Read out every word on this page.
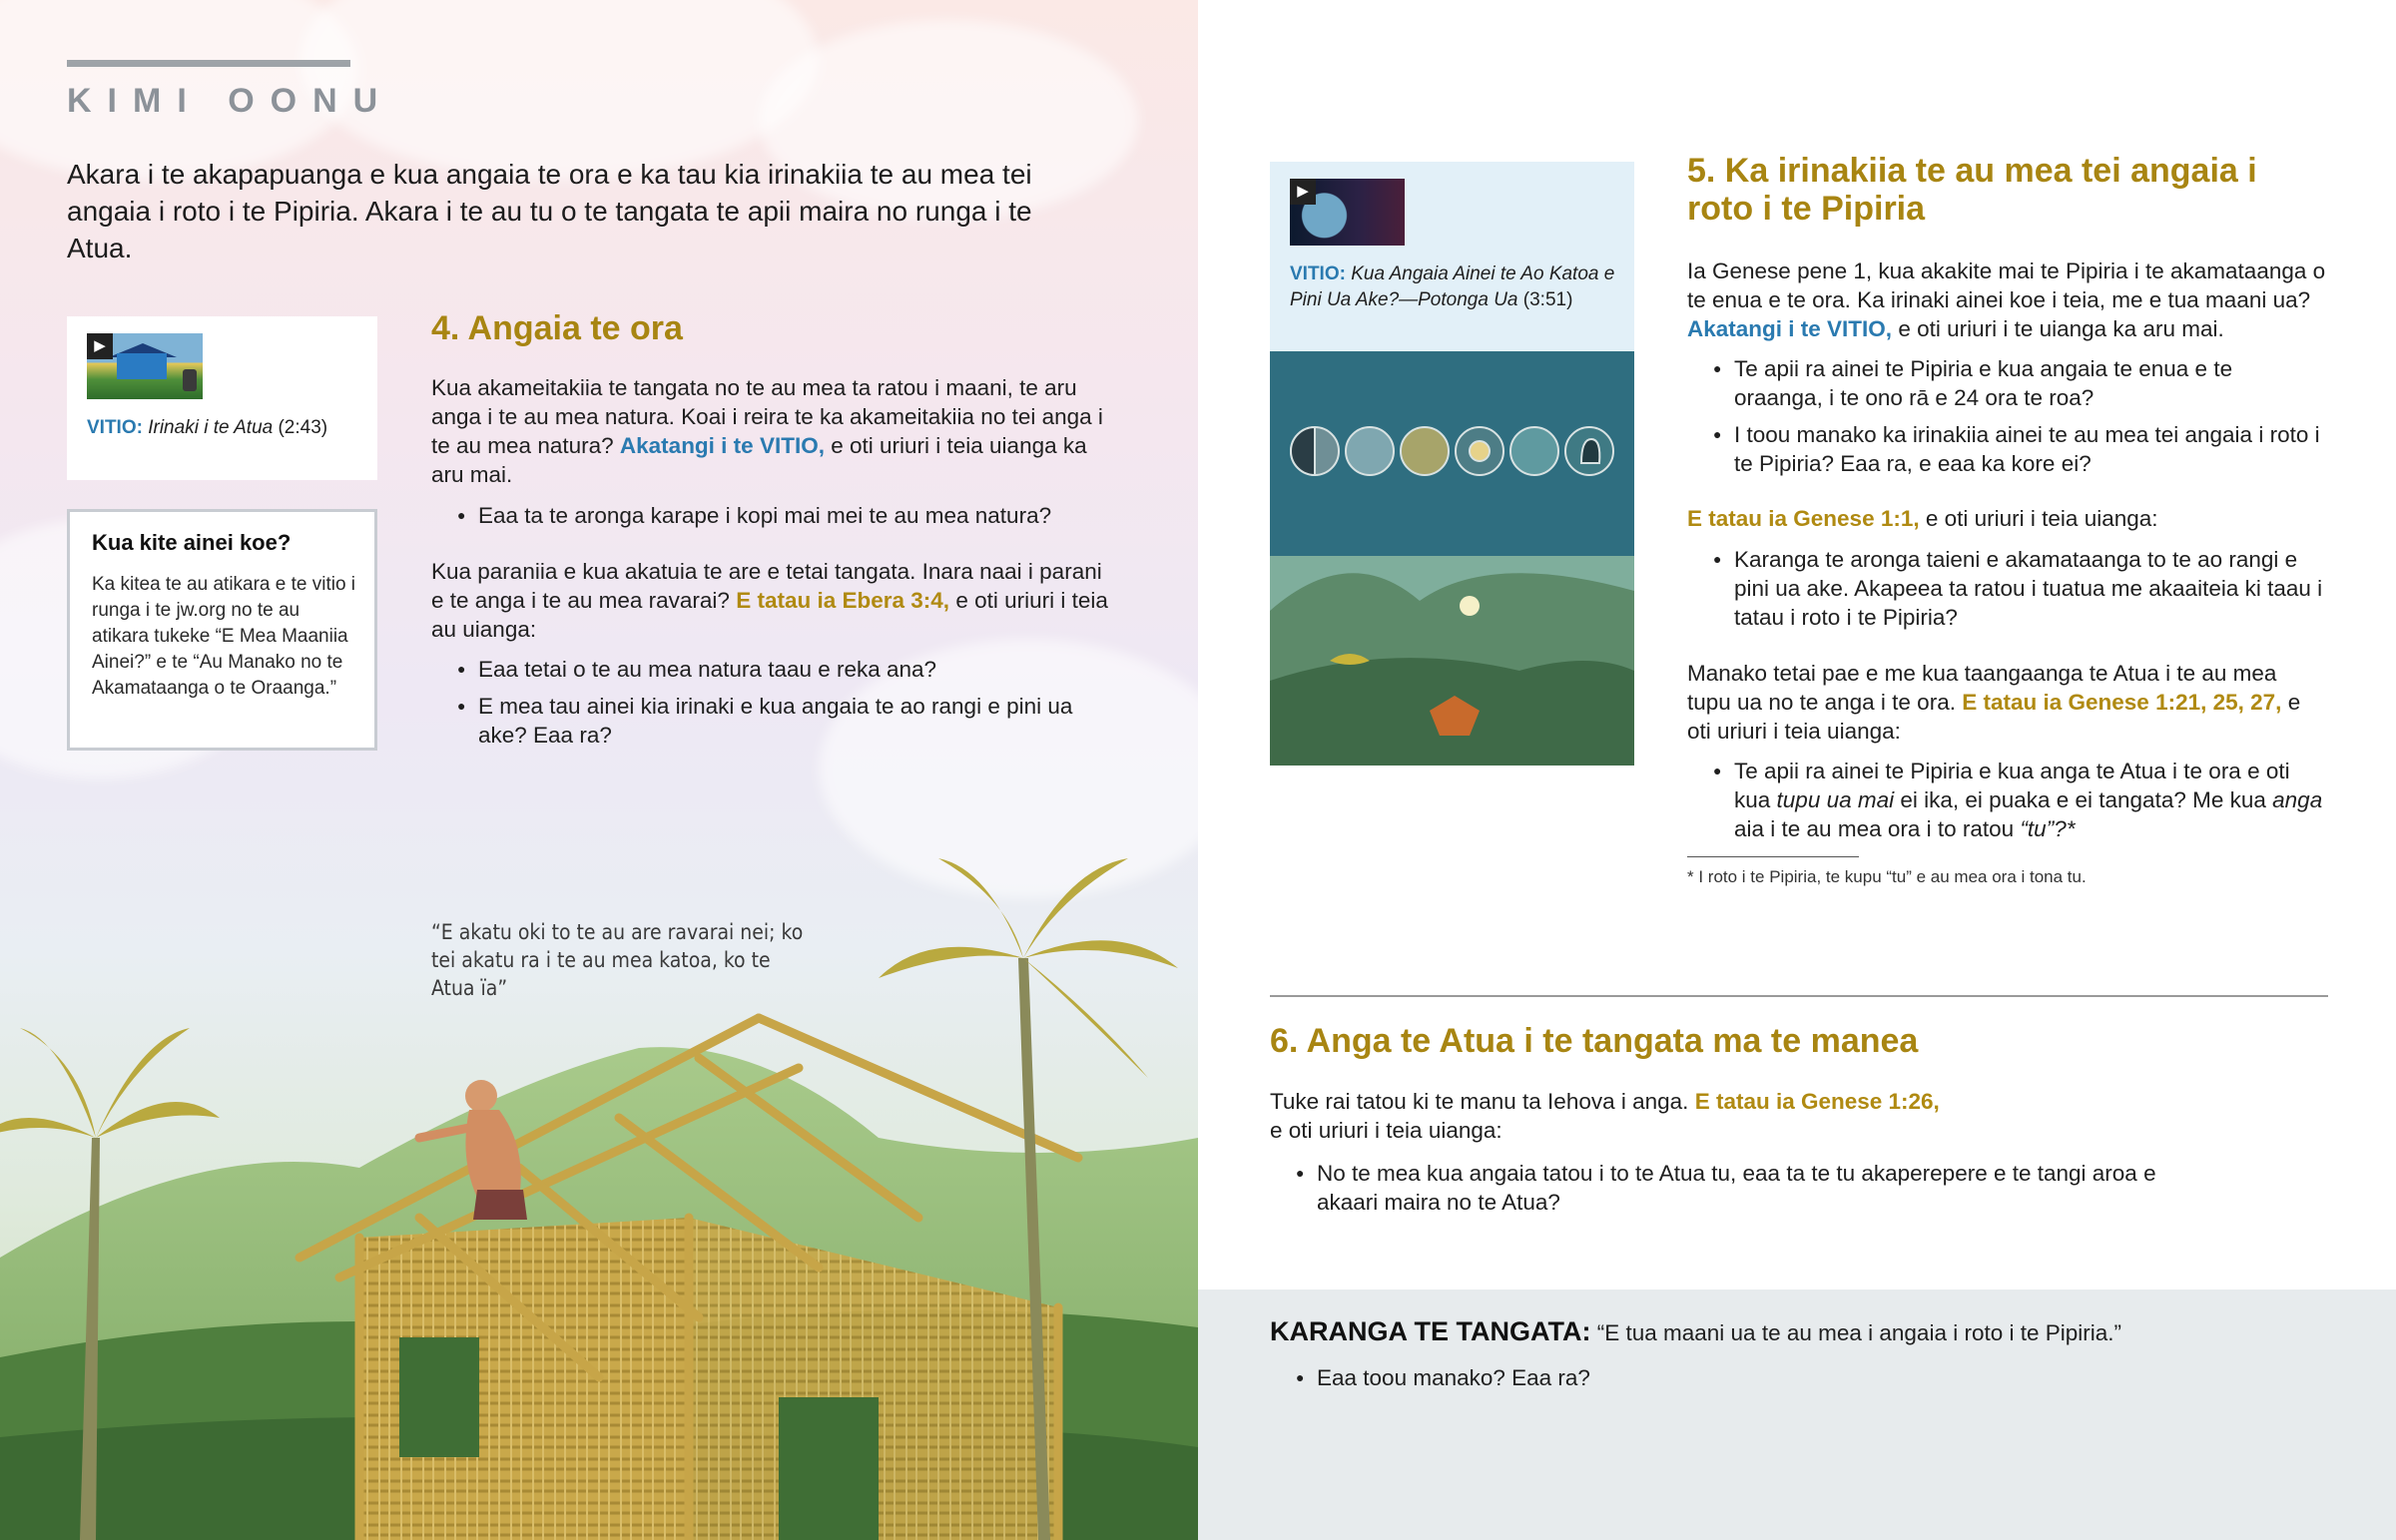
KIMI OONU
Akara i te akapapuanga e kua angaia te ora e ka tau kia irinakiia te au mea tei angaia i roto i te Pipiria. Akara i te au tu o te tangata te apii maira no runga i te Atua.
▶
VITIO: Irinaki i te Atua (2:43)
Kua kite ainei koe?
Ka kitea te au atikara e te vitio i runga i te jw.org no te au atikara tukeke “E Mea Maaniia Ainei?” e te “Au Manako no te Akamataanga o te Oraanga.”
4. Angaia te ora
Kua akameitakiia te tangata no te au mea ta ratou i maani, te aru anga i te au mea natura. Koai i reira te ka akameitakiia no tei anga i te au mea natura? Akatangi i te VITIO, e oti uriuri i teia uianga ka aru mai.
● Eaa ta te aronga karape i kopi mai mei te au mea natura?
Kua paraniia e kua akatuia te are e tetai tangata. Inara naai i parani e te anga i te au mea ravarai? E tatau ia Ebera 3:4, e oti uriuri i teia au uianga:
● Eaa tetai o te au mea natura taau e reka ana?
● E mea tau ainei kia irinaki e kua angaia te ao rangi e pini ua ake? Eaa ra?
“E akatu oki to te au are ravarai nei; ko tei akatu ra i te au mea katoa, ko te Atua ïa”
▶
VITIO: Kua Angaia Ainei te Ao Katoa e Pini Ua Ake?—Potonga Ua (3:51)
5. Ka irinakiia te au mea tei angaia i roto i te Pipiria
Ia Genese pene 1, kua akakite mai te Pipiria i te akamataanga o te enua e te ora. Ka irinaki ainei koe i teia, me e tua maani ua? Akatangi i te VITIO, e oti uriuri i te uianga ka aru mai.
● Te apii ra ainei te Pipiria e kua angaia te enua e te oraanga, i te ono rā e 24 ora te roa?
● I toou manako ka irinakiia ainei te au mea tei angaia i roto i te Pipiria? Eaa ra, e eaa ka kore ei?
E tatau ia Genese 1:1, e oti uriuri i teia uianga:
● Karanga te aronga taieni e akamataanga to te ao rangi e pini ua ake. Akapeea ta ratou i tuatua me akaaiteia ki taau i tatau i roto i te Pipiria?
Manako tetai pae e me kua taangaanga te Atua i te au mea tupu ua no te anga i te ora. E tatau ia Genese 1:21, 25, 27, e oti uriuri i teia uianga:
● Te apii ra ainei te Pipiria e kua anga te Atua i te ora e oti kua tupu ua mai ei ika, ei puaka e ei tangata? Me kua anga aia i te au mea ora i to ratou “tu”?*
* I roto i te Pipiria, te kupu “tu” e au mea ora i tona tu.
6. Anga te Atua i te tangata ma te manea
Tuke rai tatou ki te manu ta Iehova i anga. E tatau ia Genese 1:26,
e oti uriuri i teia uianga:
● No te mea kua angaia tatou i to te Atua tu, eaa ta te tu akaperepere e te tangi aroa e akaari maira no te Atua?
KARANGA TE TANGATA: “E tua maani ua te au mea i angaia i roto i te Pipiria.”
● Eaa toou manako? Eaa ra?
